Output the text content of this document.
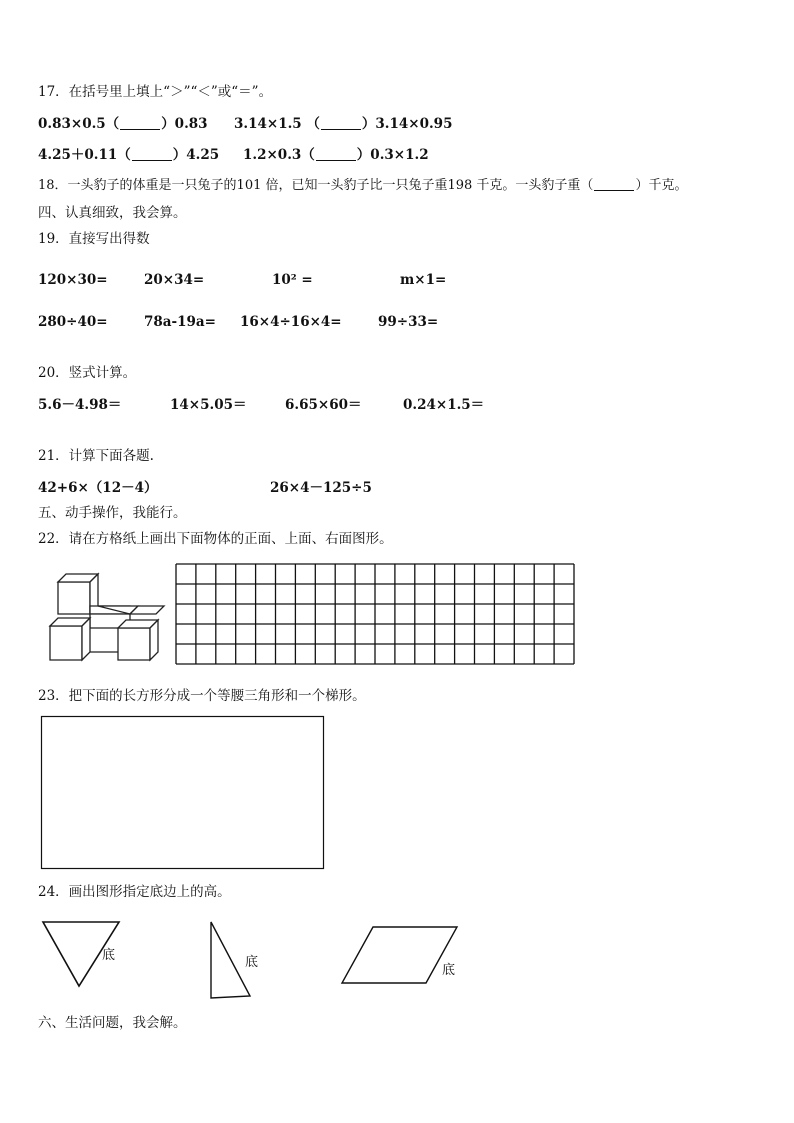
17．在括号里上填上“＞”“＜”或“＝”。
0.83×0.5（	）0.83 3.14×1.5 （	）3.14×0.95
4.25＋0.11（	）4.25 1.2×0.3（	）0.3×1.2
18．一头豹子的体重是一只兔子的101 倍，已知一头豹子比一只兔子重198 千克。一头豹子重（	）千克。
四、认真细致，我会算。
19．直接写出得数
120×30=	20×34=	10² =	m×1=
280÷40=	78a-19a= 16×4÷16×4=	99÷33=
20．竖式计算。
5.6－4.98＝	14×5.05＝	6.65×60＝	0.24×1.5＝
21．计算下面各题.
42+6×（12－4）	26×4－125÷5
五、动手操作，我能行。
22．请在方格纸上画出下面物体的正面、上面、右面图形。
23．把下面的长方形分成一个等腰三角形和一个梯形。
24．画出图形指定底边上的高。
底	底
底
六、生活问题，我会解。
